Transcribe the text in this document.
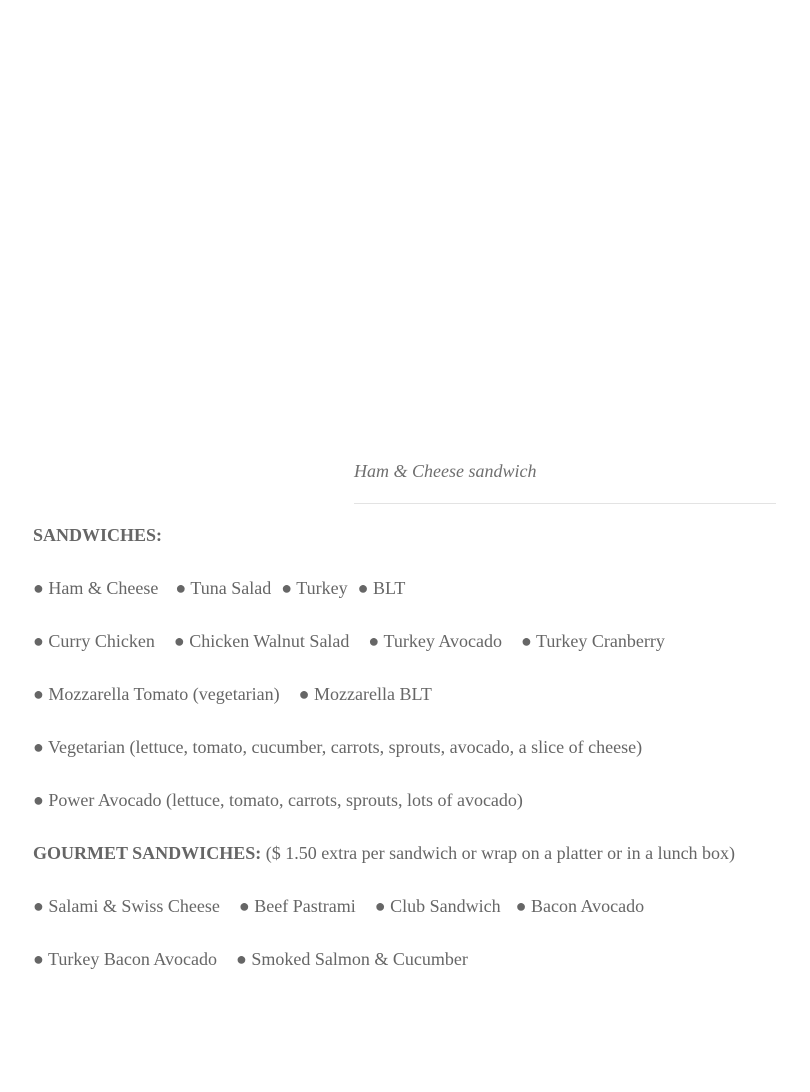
Ham & Cheese sandwich
SANDWICHES:
● Ham & Cheese ● Tuna Salad ● Turkey ● BLT
● Curry Chicken ● Chicken Walnut Salad ● Turkey Avocado ● Turkey Cranberry
● Mozzarella Tomato (vegetarian) ● Mozzarella BLT
● Vegetarian (lettuce, tomato, cucumber, carrots, sprouts, avocado, a slice of cheese)
● Power Avocado (lettuce, tomato, carrots, sprouts, lots of avocado)
GOURMET SANDWICHES: ($ 1.50 extra per sandwich or wrap on a platter or in a lunch box)
● Salami & Swiss Cheese ● Beef Pastrami ● Club Sandwich ● Bacon Avocado
● Turkey Bacon Avocado ● Smoked Salmon & Cucumber
